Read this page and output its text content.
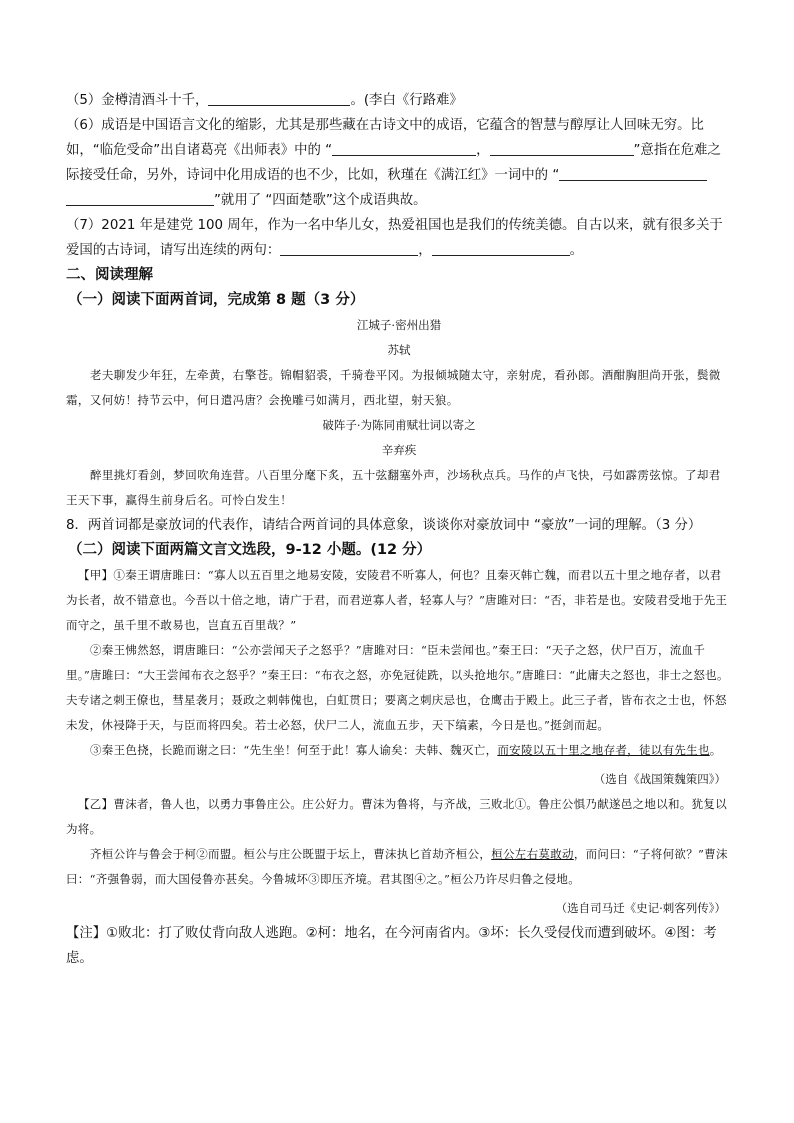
（5）金樽清酒斗十千，	。(李白《行路难》
（6）成语是中国语言文化的缩影，尤其是那些藏在古诗文中的成语，它蕴含的智慧与醇厚让人回味无穷。比
如，“临危受命”出自诸葛亮《出师表》中的 “	，	”意指在危难之
际接受任命，另外，诗词中化用成语的也不少，比如，秋瑾在《满江红》一词中的 “
”就用了 “四面楚歌”这个成语典故。
（7）2021 年是建党 100 周年，作为一名中华儿女，热爱祖国也是我们的传统美德。自古以来，就有很多关于
爱国的古诗词，请写出连续的两句：	，	。
二、阅读理解
（一）阅读下面两首词，完成第 8 题（3 分）
江城子·密州出猎
苏轼
老夫聊发少年狂，左牵黄，右擎苍。锦帽貂裘，千骑卷平冈。为报倾城随太守，亲射虎，看孙郎。酒酣胸胆尚开张，鬓微霜，又何妨！持节云中，何日遣冯唐？会挽雕弓如满月，西北望，射天狼。
破阵子·为陈同甫赋壮词以寄之
辛弃疾
醉里挑灯看剑，梦回吹角连营。八百里分麾下炙，五十弦翻塞外声，沙场秋点兵。马作的卢飞快，弓如霹雳弦惊。了却君王天下事，赢得生前身后名。可怜白发生！
8．两首词都是豪放词的代表作，请结合两首词的具体意象，谈谈你对豪放词中 “豪放”一词的理解。（3 分）
（二）阅读下面两篇文言文选段，9-12 小题。(12 分）
【甲】①秦王谓唐雎曰：“寡人以五百里之地易安陵，安陵君不听寡人，何也？且秦灭韩亡魏，而君以五十里之地存者，以君为长者，故不错意也。今吾以十倍之地，请广于君，而君逆寡人者，轻寡人与？”唐雎对曰：“否，非若是也。安陵君受地于先王而守之，虽千里不敢易也，岂直五百里哉？”
②秦王怫然怒，谓唐雎曰：“公亦尝闻天子之怒乎？”唐雎对曰：“臣未尝闻也。”秦王曰：“天子之怒，伏尸百万，流血千里。”唐雎曰：“大王尝闻布衣之怒乎？”秦王曰：“布衣之怒，亦免冠徒跣，以头抢地尔。”唐雎曰：“此庸夫之怒也，非士之怒也。夫专诸之刺王僚也，彗星袭月；聂政之刺韩傀也，白虹贯日；要离之刺庆忌也，仓鹰击于殿上。此三子者，皆布衣之士也，怀怒未发，休祲降于天，与臣而将四矣。若士必怒，伏尸二人，流血五步，天下缟素，今日是也。”挺剑而起。
③秦王色挠，长跪而谢之曰：“先生坐！何至于此！寡人谕矣：夫韩、魏灭亡，而安陵以五十里之地存者，徒以有先生也。
（选自《战国策魏策四》）
【乙】曹沫者，鲁人也，以勇力事鲁庄公。庄公好力。曹沫为鲁将，与齐战，三败北①。鲁庄公惧乃献遂邑之地以和。犹复以为将。
齐桓公许与鲁会于柯②而盟。桓公与庄公既盟于坛上，曹沫执匕首劫齐桓公，桓公左右莫敢动，而问曰：“子将何欲？”曹沫曰：“齐强鲁弱，而大国侵鲁亦甚矣。今鲁城坏③即压齐境。君其图④之。”桓公乃许尽归鲁之侵地。
（选自司马迁《史记·刺客列传》）
【注】①败北：打了败仗背向敌人逃跑。②柯：地名，在今河南省内。③坏：长久受侵伐而遭到破坏。④图：考虑。
